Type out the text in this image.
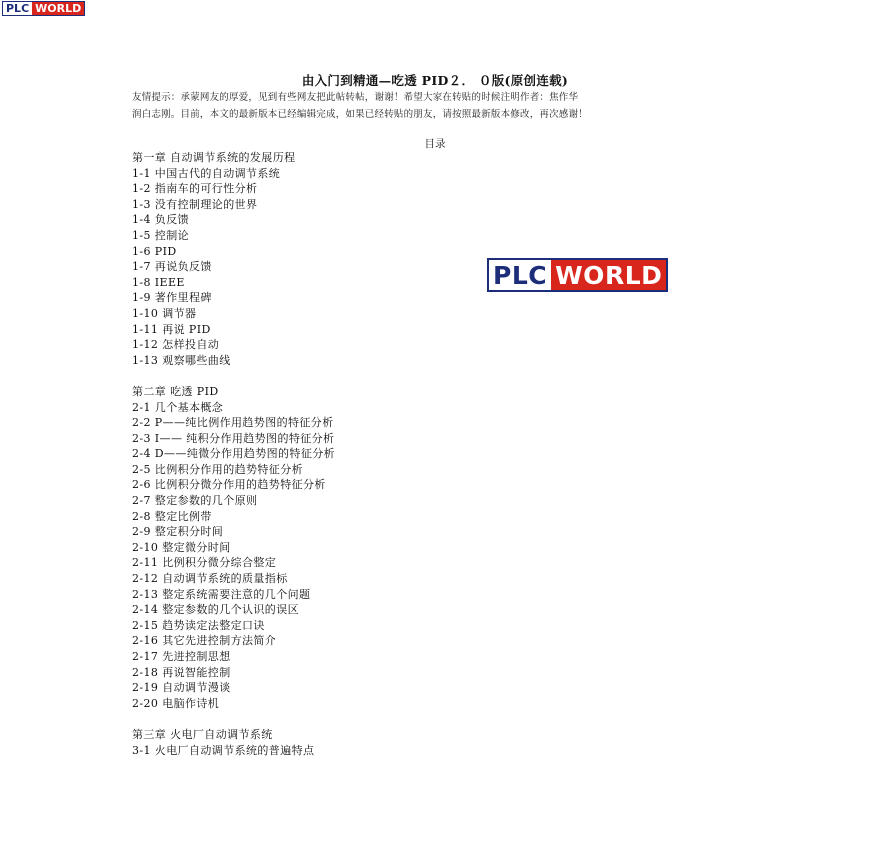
PLC WORLD
PLC WORLD
由入门到精通—吃透 PID２． ０版(原创连载)
友情提示：承蒙网友的厚爱，见到有些网友把此帖转帖，谢谢！希望大家在转贴的时候注明作者：焦作华
润白志刚。目前，本文的最新版本已经编辑完成，如果已经转贴的朋友，请按照最新版本修改，再次感谢！
目录
第一章 自动调节系统的发展历程
1-1 中国古代的自动调节系统
1-2 指南车的可行性分析
1-3 没有控制理论的世界
1-4 负反馈
1-5 控制论
1-6 PID
1-7 再说负反馈
1-8 IEEE
1-9 著作里程碑
1-10 调节器
1-11 再说 PID
1-12 怎样投自动
1-13 观察哪些曲线
第二章 吃透 PID
2-1 几个基本概念
2-2 P——纯比例作用趋势图的特征分析
2-3 I—— 纯积分作用趋势图的特征分析
2-4 D——纯微分作用趋势图的特征分析
2-5 比例积分作用的趋势特征分析
2-6 比例积分微分作用的趋势特征分析
2-7 整定参数的几个原则
2-8 整定比例带
2-9 整定积分时间
2-10 整定微分时间
2-11 比例积分微分综合整定
2-12 自动调节系统的质量指标
2-13 整定系统需要注意的几个问题
2-14 整定参数的几个认识的误区
2-15 趋势读定法整定口诀
2-16 其它先进控制方法简介
2-17 先进控制思想
2-18 再说智能控制
2-19 自动调节漫谈
2-20 电脑作诗机
第三章 火电厂自动调节系统
3-1 火电厂自动调节系统的普遍特点
